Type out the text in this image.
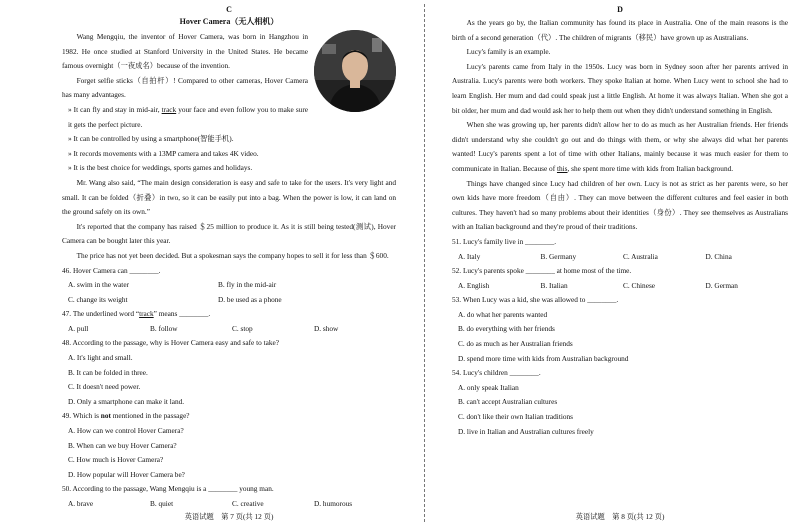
C
Hover Camera（无人相机）

Wang Mengqiu, the inventor of Hover Camera, was born in Hangzhou in 1982. He once studied at Stanford University in the United States. He became famous overnight（一夜成名）because of the invention.

Forget selfie sticks（自拍杆）! Compared to other cameras, Hover Camera has many advantages.

» It can fly and stay in mid-air, track your face and even follow you to make sure it gets the perfect picture.

» It can be controlled by using a smartphone(智能手机).

» It records movements with a 13MP camera and takes 4K video.

» It is the best choice for weddings, sports games and holidays.

Mr. Wang also said, “The main design consideration is easy and safe to take for the users. It's very light and small. It can be folded（折叠）in two, so it can be easily put into a bag. When the power is low, it can land on the ground safely on its own.”

It's reported that the company has raised ＄25 million to produce it. As it is still being tested(测试), Hover Camera can be bought later this year.

The price has not yet been decided. But a spokesman says the company hopes to sell it for less than ＄600.

46. Hover Camera can ________.
A. swim in the water	B. fly in the mid-air
C. change its weight	D. be used as a phone
47. The underlined word “track” means ________.
A. pull	B. follow	C. stop	D. show
48. According to the passage, why is Hover Camera easy and safe to take?
A. It's light and small.
B. It can be folded in three.
C. It doesn't need power.
D. Only a smartphone can make it land.
49. Which is not mentioned in the passage?
A. How can we control Hover Camera?
B. When can we buy Hover Camera?
C. How much is Hover Camera?
D. How popular will Hover Camera be?
50. According to the passage, Wang Mengqiu is a ________ young man.
A. brave	B. quiet	C. creative	D. humorous
英语试题　第 7 页(共 12 页)
D

As the years go by, the Italian community has found its place in Australia. One of the main reasons is the birth of a second generation（代）. The children of migrants（移民）have grown up as Australians.

Lucy's family is an example.

Lucy's parents came from Italy in the 1950s. Lucy was born in Sydney soon after her parents arrived in Australia. Lucy's parents were both workers. They spoke Italian at home. When Lucy went to school she had to learn English. Her mum and dad could speak just a little English. At home it was always Italian. When she got a bit older, her mum and dad would ask her to help them out when they didn't understand something in English.

When she was growing up, her parents didn't allow her to do as much as her Australian friends. Her friends didn't understand why she couldn't go out and do things with them, or why she always did what her parents wanted! Lucy's parents spent a lot of time with other Italians, mainly because it was much easier for them to communicate in Italian. Because of this, she spent more time with kids from Italian background.

Things have changed since Lucy had children of her own. Lucy is not as strict as her parents were, so her own kids have more freedom（自由）. They can move between the different cultures and feel easier in both cultures. They haven't had so many problems about their identities（身份）. They see themselves as Australians with an Italian background and they're proud of their traditions.

51. Lucy's family live in ________.
A. Italy	B. Germany	C. Australia	D. China
52. Lucy's parents spoke ________ at home most of the time.
A. English	B. Italian	C. Chinese	D. German
53. When Lucy was a kid, she was allowed to ________.
A. do what her parents wanted
B. do everything with her friends
C. do as much as her Australian friends
D. spend more time with kids from Australian background
54. Lucy's children ________.
A. only speak Italian
B. can't accept Australian cultures
C. don't like their own Italian traditions
D. live in Italian and Australian cultures freely
英语试题　第 8 页(共 12 页)
